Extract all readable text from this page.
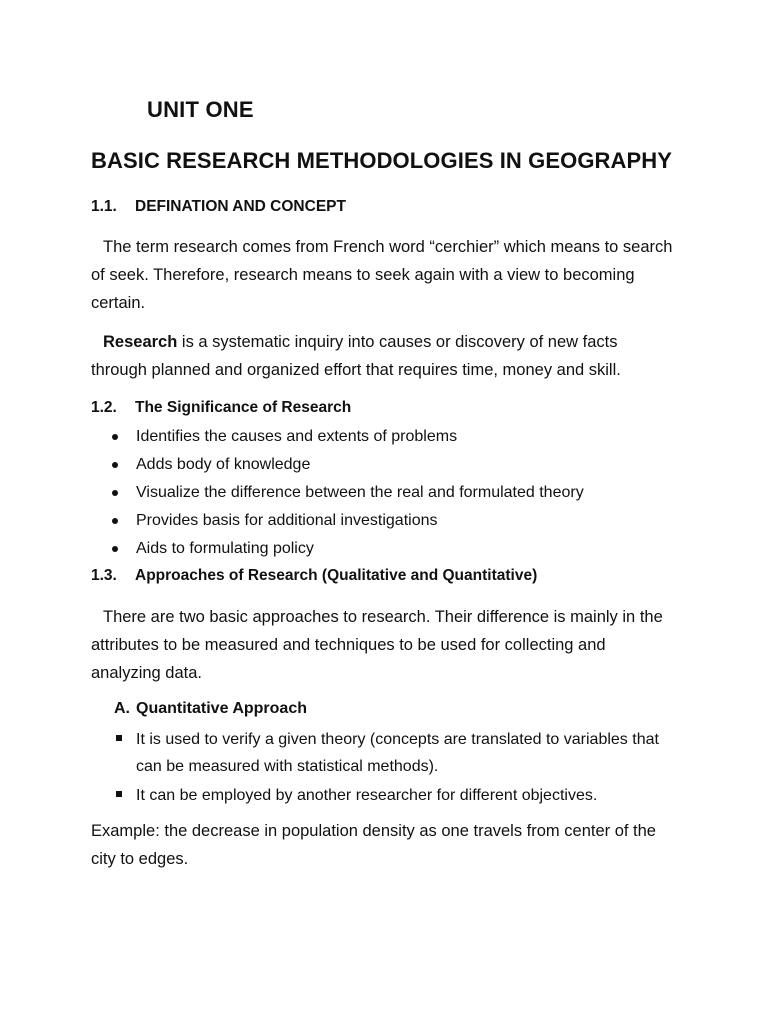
UNIT ONE
BASIC RESEARCH METHODOLOGIES IN GEOGRAPHY
1.1. DEFINATION AND CONCEPT

The term research comes from French word “cerchier” which means to search of seek. Therefore, research means to seek again with a view to becoming certain.

Research is a systematic inquiry into causes or discovery of new facts through planned and organized effort that requires time, money and skill.

1.2. The Significance of Research
Identifies the causes and extents of problems
Adds body of knowledge
Visualize the difference between the real and formulated theory
Provides basis for additional investigations
Aids to formulating policy
1.3. Approaches of Research (Qualitative and Quantitative)

There are two basic approaches to research. Their difference is mainly in the attributes to be measured and techniques to be used for collecting and analyzing data.

A. Quantitative Approach
It is used to verify a given theory (concepts are translated to variables that can be measured with statistical methods).
It can be employed by another researcher for different objectives.

Example: the decrease in population density as one travels from center of the city to edges.
